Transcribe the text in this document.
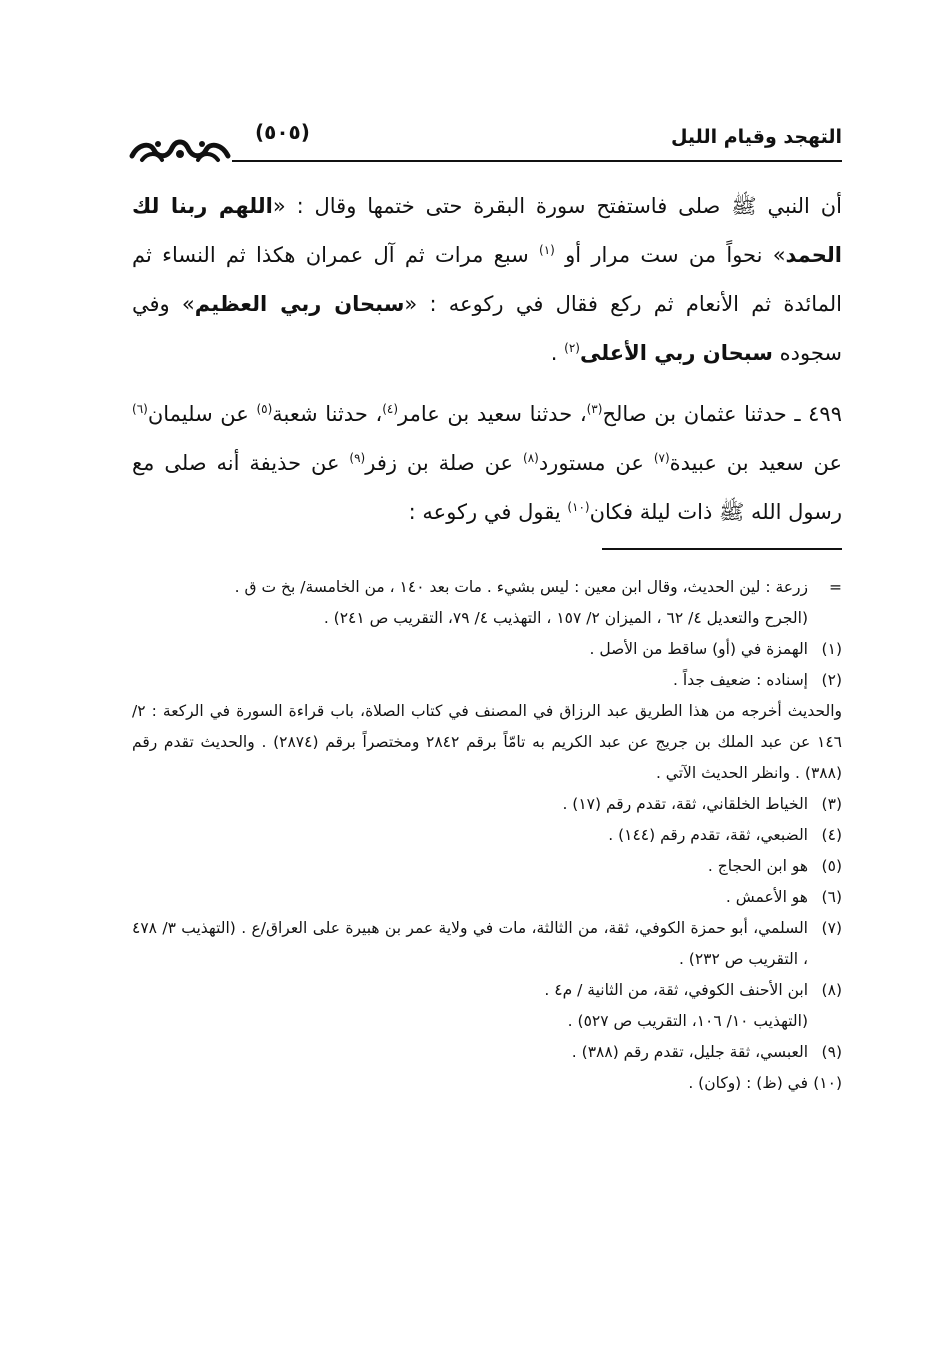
التهجد وقيام الليل
(٥٠٥)

أن النبي ﷺ صلى فاستفتح سورة البقرة حتى ختمها وقال : «اللهم ربنا لك الحمد» نحواً من ست مرار أو $^{(١)}$ سبع مرات ثم آل عمران هكذا ثم النساء ثم المائدة ثم الأنعام ثم ركع فقال في ركوعه : «سبحان ربي العظيم» وفي سجوده سبحان ربي الأعلى$^{(٢)}$ .

٤٩٩ ـ حدثنا عثمان بن صالح$^{(٣)}$، حدثنا سعيد بن عامر$^{(٤)}$، حدثنا شعبة$^{(٥)}$ عن سليمان$^{(٦)}$ عن سعيد بن عبيدة$^{(٧)}$ عن مستورد$^{(٨)}$ عن صلة بن زفر$^{(٩)}$ عن حذيفة أنه صلى مع رسول الله ﷺ ذات ليلة فكان$^{(١٠)}$ يقول في ركوعه :

=
زرعة : لين الحديث، وقال ابن معين : ليس بشيء . مات بعد ١٤٠ ، من الخامسة/ بخ ت ق .
(الجرح والتعديل ٤/ ٦٢ ، الميزان ٢/ ١٥٧ ، التهذيب ٤/ ٧٩، التقريب ص ٢٤١) .
(١)
الهمزة في (أو) ساقط من الأصل .
(٢)
إسناده : ضعيف جداً .
والحديث أخرجه من هذا الطريق عبد الرزاق في المصنف في كتاب الصلاة، باب قراءة السورة في الركعة : ٢/ ١٤٦ عن عبد الملك بن جريج عن عبد الكريم به تامّاً برقم ٢٨٤٢ ومختصراً برقم (٢٨٧٤) . والحديث تقدم رقم (٣٨٨) . وانظر الحديث الآتي .
(٣)
الخياط الخلقاني، ثقة، تقدم رقم (١٧) .
(٤)
الضبعي، ثقة، تقدم رقم (١٤٤) .
(٥)
هو ابن الحجاج .
(٦)
هو الأعمش .
(٧)
السلمي، أبو حمزة الكوفي، ثقة، من الثالثة، مات في ولاية عمر بن هبيرة على العراق/ع . (التهذيب ٣/ ٤٧٨ ، التقريب ص ٢٣٢) .
(٨)
ابن الأحنف الكوفي، ثقة، من الثانية / م٤ .
(التهذيب ١٠/ ١٠٦، التقريب ص ٥٢٧) .
(٩)
العبسي، ثقة جليل، تقدم رقم (٣٨٨) .
(١٠)
في (ظ) : (وكان) .
